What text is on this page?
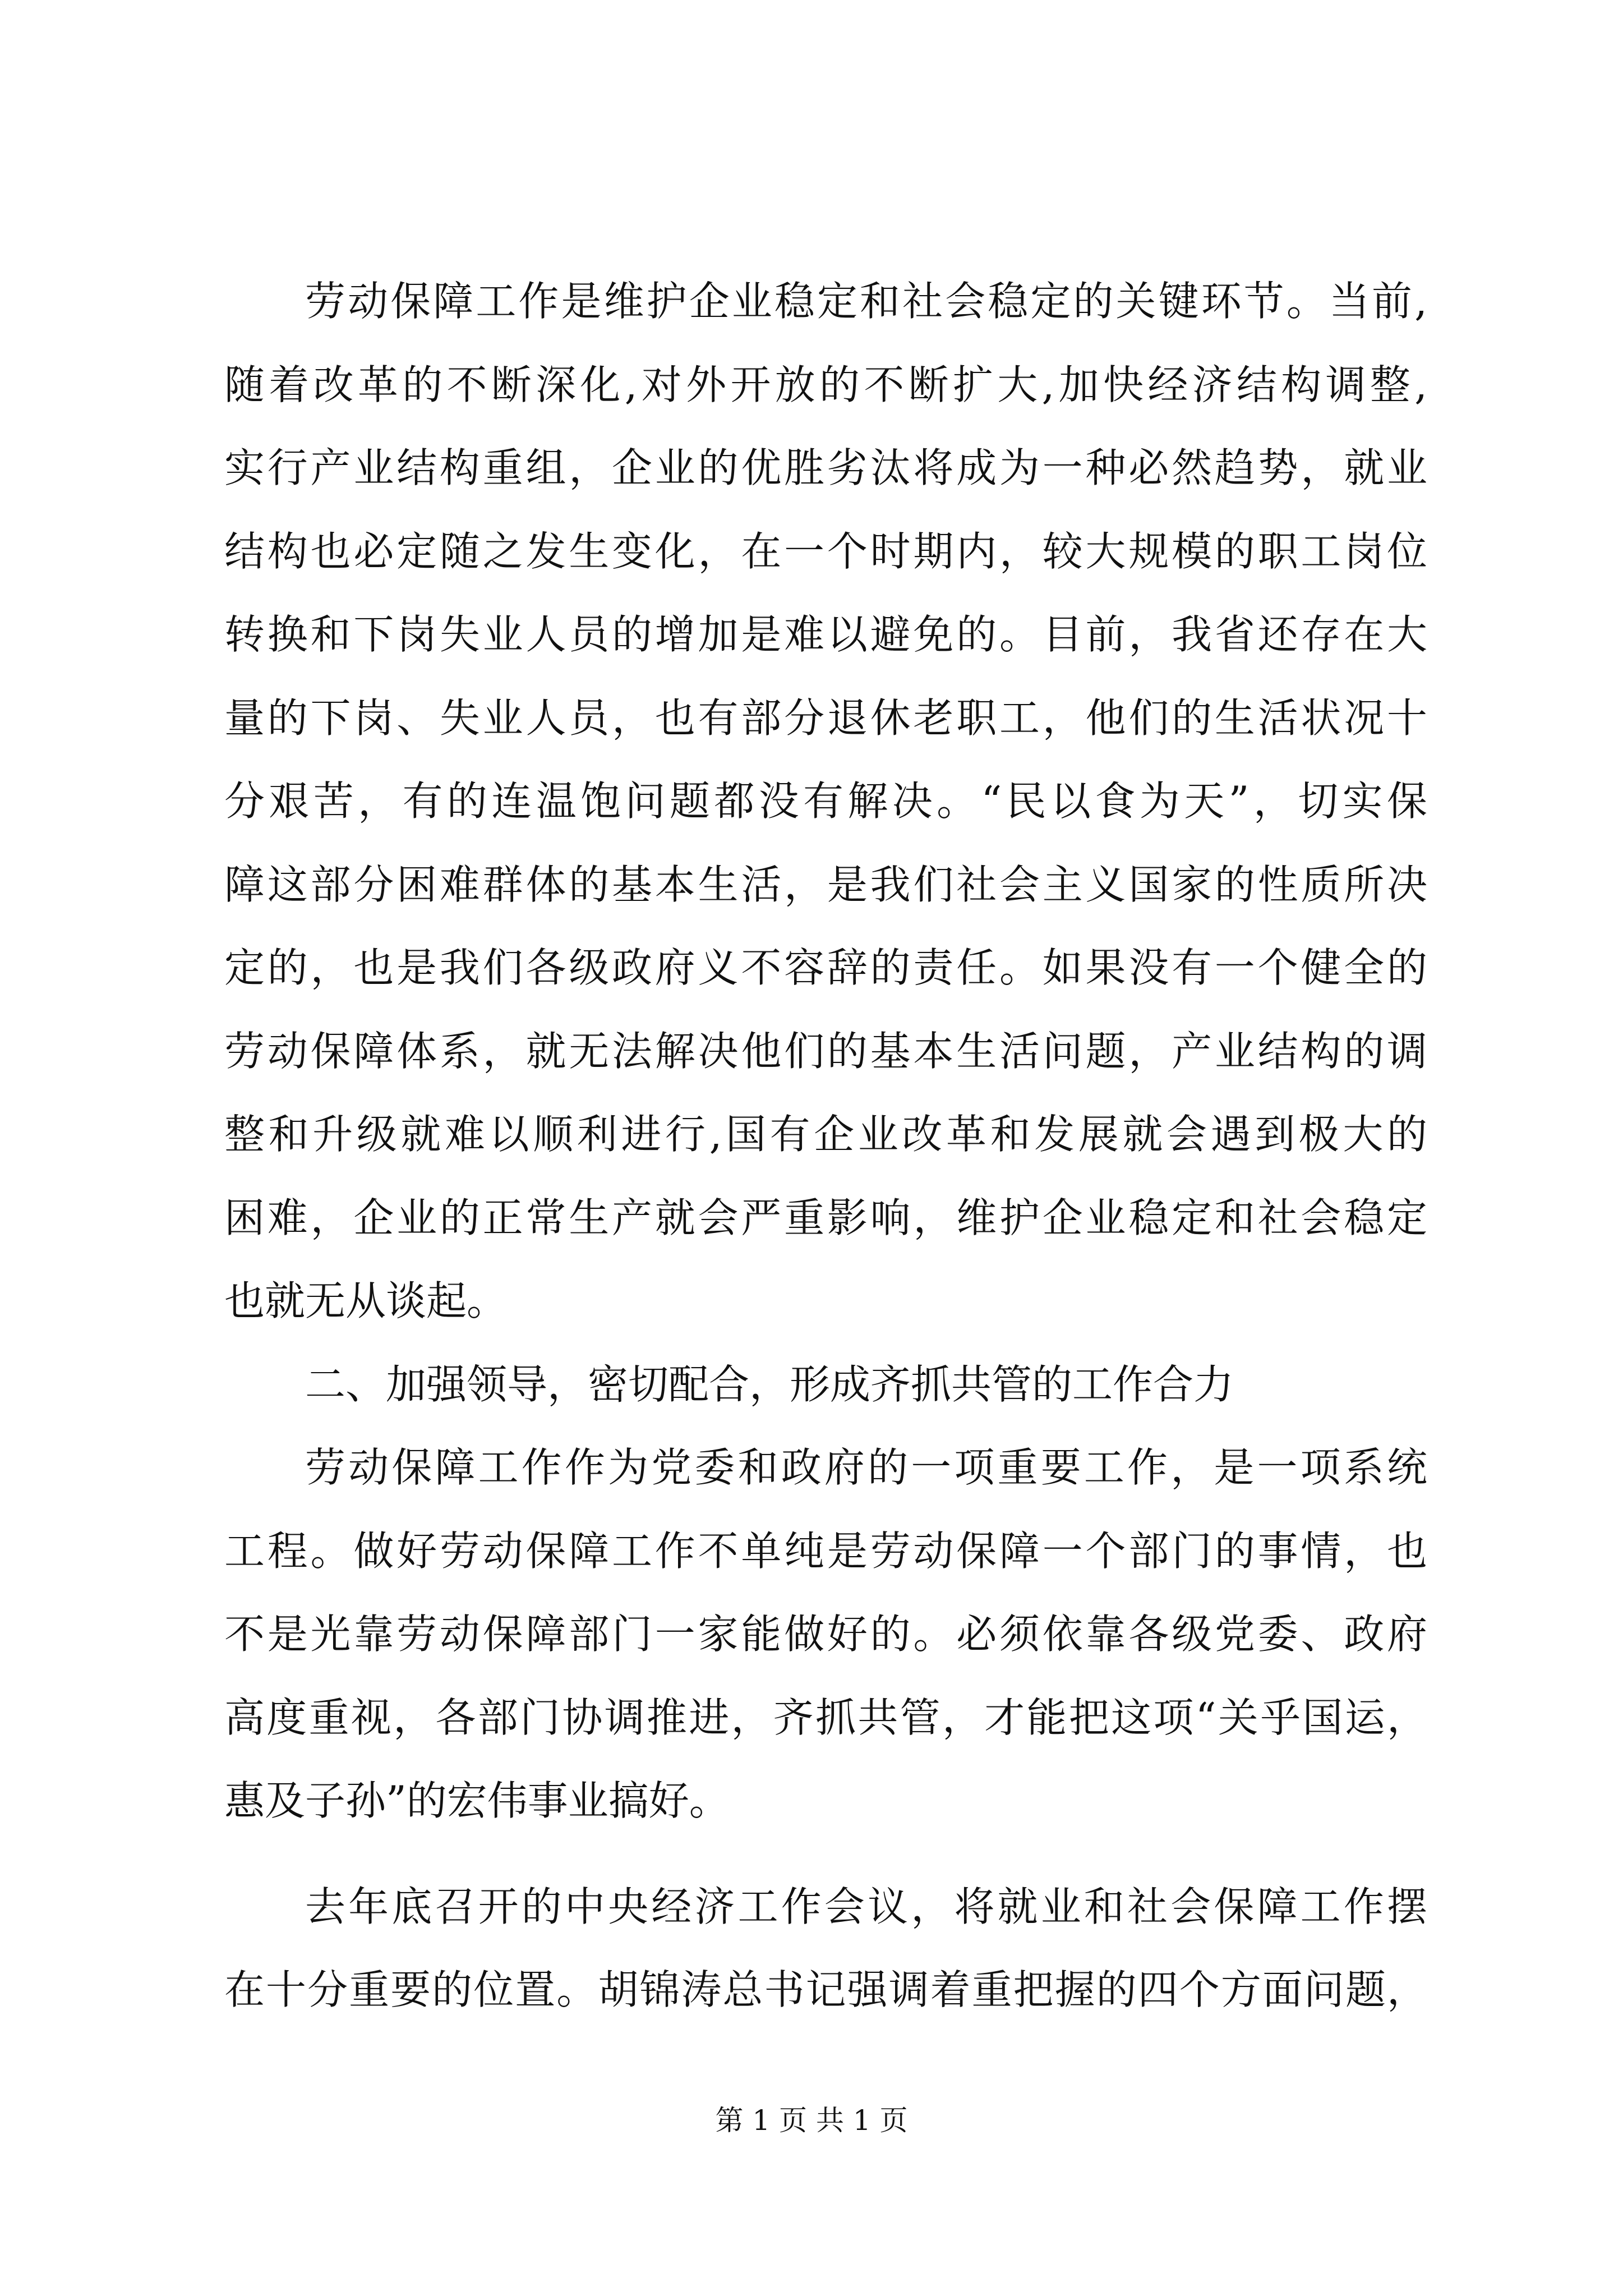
劳动保障工作是维护企业稳定和社会稳定的关键环节。当前,
随着改革的不断深化,对外开放的不断扩大,加快经济结构调整,
实行产业结构重组，企业的优胜劣汰将成为一种必然趋势，就业
结构也必定随之发生变化，在一个时期内，较大规模的职工岗位
转换和下岗失业人员的增加是难以避免的。目前，我省还存在大
量的下岗、失业人员，也有部分退休老职工，他们的生活状况十
分艰苦，有的连温饱问题都没有解决。“民以食为天”，切实保
障这部分困难群体的基本生活，是我们社会主义国家的性质所决
定的，也是我们各级政府义不容辞的责任。如果没有一个健全的
劳动保障体系，就无法解决他们的基本生活问题，产业结构的调
整和升级就难以顺利进行,国有企业改革和发展就会遇到极大的
困难，企业的正常生产就会严重影响，维护企业稳定和社会稳定
也就无从谈起。
二、加强领导，密切配合，形成齐抓共管的工作合力
劳动保障工作作为党委和政府的一项重要工作，是一项系统
工程。做好劳动保障工作不单纯是劳动保障一个部门的事情，也
不是光靠劳动保障部门一家能做好的。必须依靠各级党委、政府
高度重视，各部门协调推进，齐抓共管，才能把这项“关乎国运，
惠及子孙”的宏伟事业搞好。
去年底召开的中央经济工作会议，将就业和社会保障工作摆
在十分重要的位置。胡锦涛总书记强调着重把握的四个方面问题，
第 1 页 共 1 页
